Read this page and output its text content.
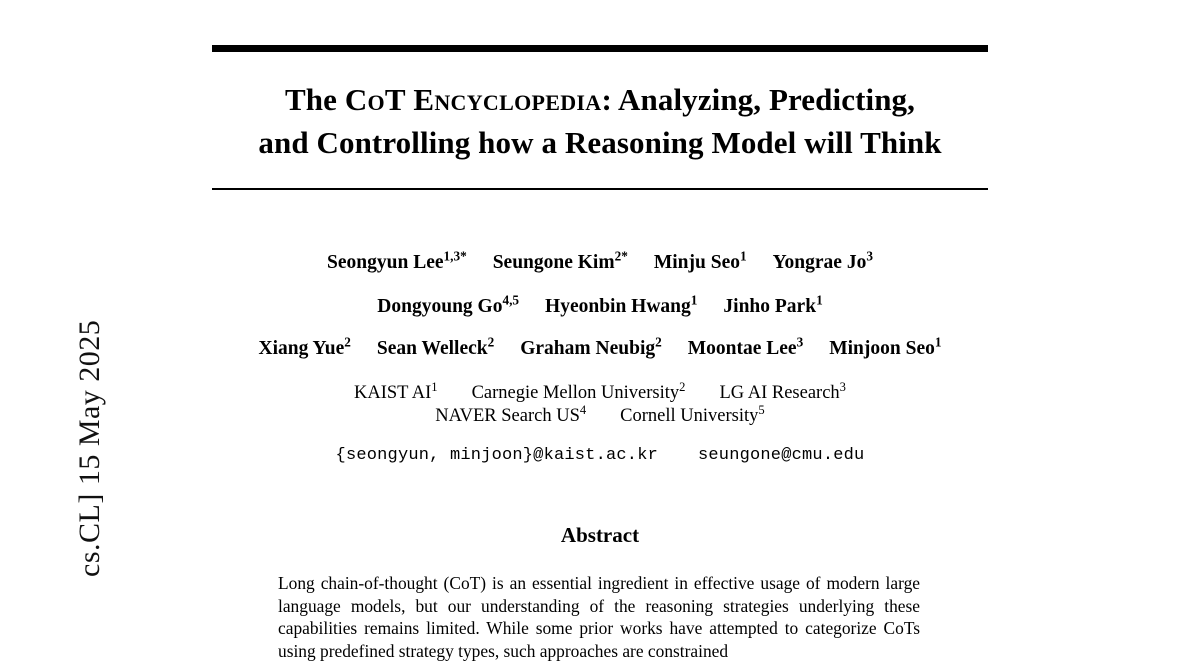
cs.CL] 15 May 2025
The CoT Encyclopedia: Analyzing, Predicting,
and Controlling how a Reasoning Model will Think
Seongyun Lee$^{1,3*}$ Seungone Kim$^{2*}$ Minju Seo$^1$ Yongrae Jo$^3$
Dongyoung Go$^{4,5}$ Hyeonbin Hwang$^1$ Jinho Park$^1$
Xiang Yue$^2$ Sean Welleck$^2$ Graham Neubig$^2$ Moontae Lee$^3$ Minjoon Seo$^1$
KAIST $AI^1$ Carnegie Mellon University$^2$ LG AI Research$^3$
NAVER Search $US^4$ Cornell University$^5$
{seongyun, minjoon}@kaist.ac.kr seungone@cmu.edu
Abstract

Long chain-of-thought (CoT) is an essential ingredient in effective usage of modern large language models, but our understanding of the reasoning strategies underlying these capabilities remains limited. While some prior works have attempted to categorize CoTs using predefined strategy types, such approaches are constrained
